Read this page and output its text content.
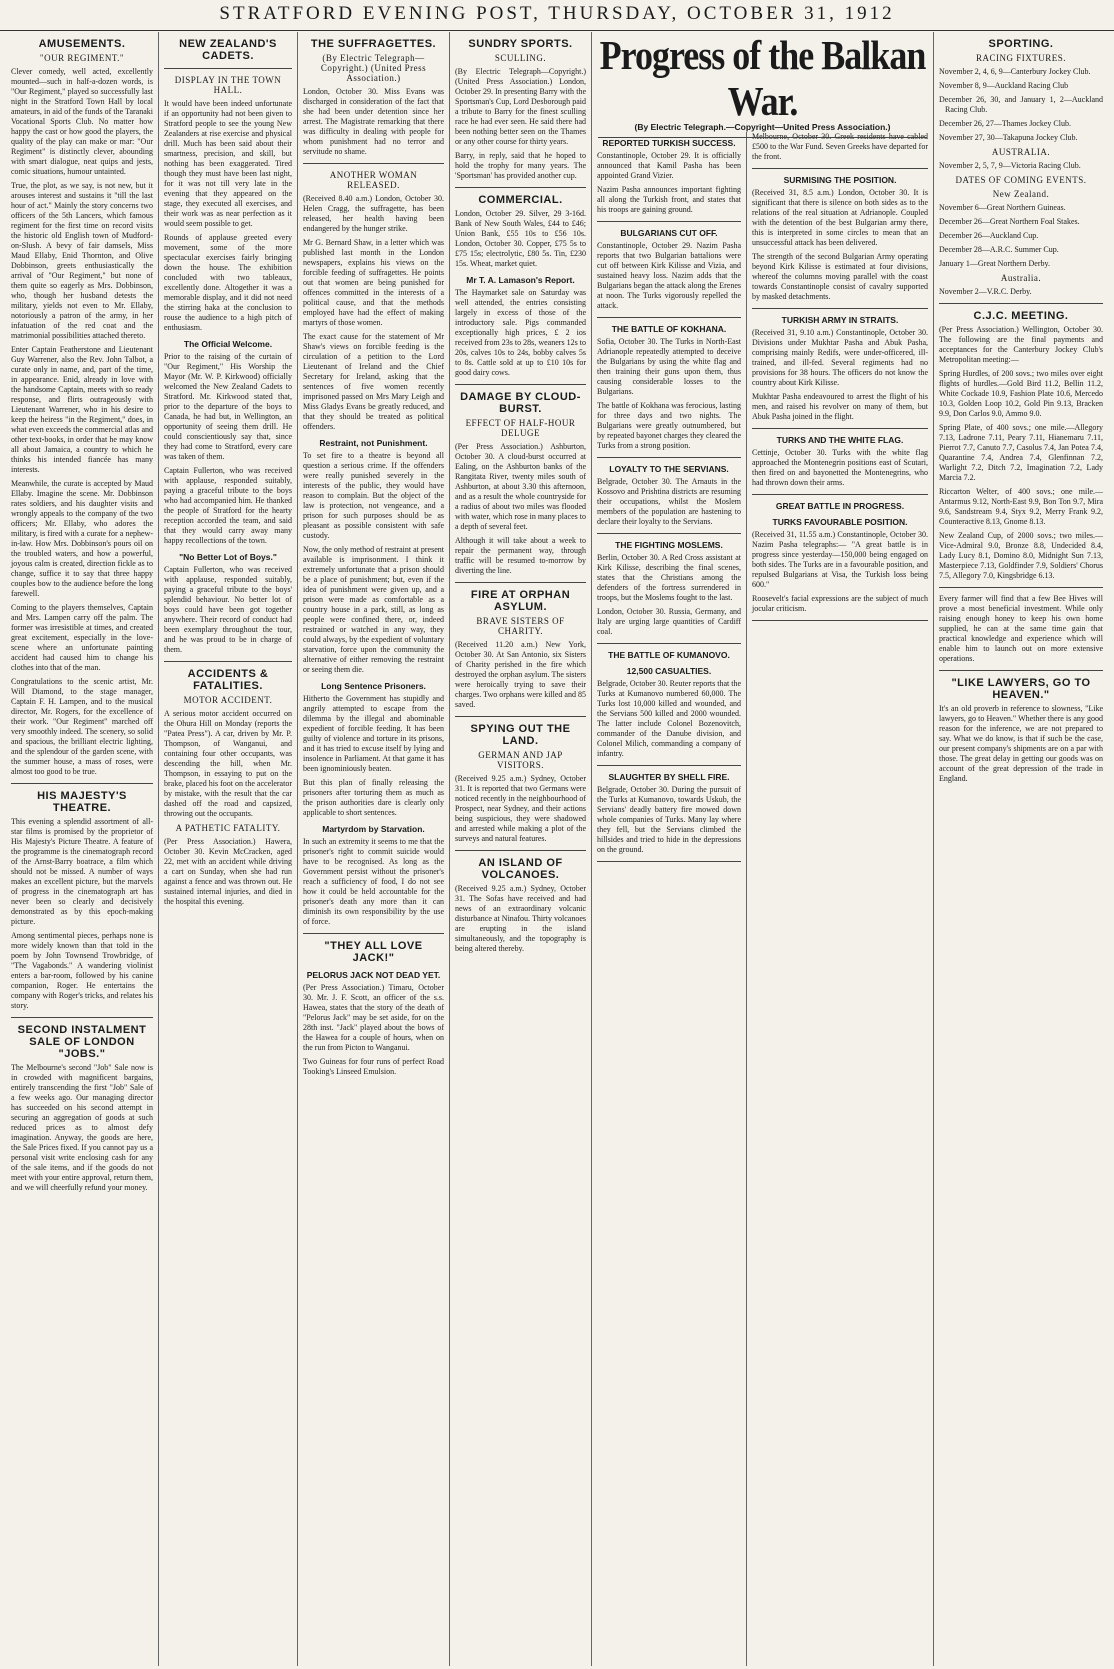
STRATFORD EVENING POST, THURSDAY, OCTOBER 31, 1912
AMUSEMENTS.
"OUR REGIMENT."

Clever comedy, well acted, excellently mounted—such in half-a-dozen words, is "Our Regiment," played so successfully last night in the Stratford Town Hall by local amateurs, in aid of the funds of the Taranaki Vocational Sports Club. No matter how happy the cast or how good the players, the quality of the play can make or mar: "Our Regiment" is distinctly clever, abounding with smart dialogue, neat quips and jests, comic situations, humour untainted.

True, the plot, as we say, is not new, but it arouses interest and sustains it "till the last hour of act." Mainly the story concerns two officers of the 5th Lancers, which famous regiment for the first time on record visits the historic old English town of Mudford-on-Slush. A bevy of fair damsels, Miss Maud Ellaby, Enid Thornton, and Olive Dobbinson, greets enthusiastically the arrival of "Our Regiment," but none of them quite so eagerly as Mrs. Dobbinson, who, though her husband detests the military, yields not even to Mr. Ellaby, notoriously a patron of the army, in her infatuation of the red coat and the matrimonial possibilities attached thereto.

Enter Captain Featherstone and Lieutenant Guy Warrener, also the Rev. John Talbot, a curate only in name, and, part of the time, in appearance. Enid, already in love with the handsome Captain, meets with so ready response, and flirts outrageously with Lieutenant Warrener, who in his desire to keep the heiress "in the Regiment," does, in what even exceeds the commercial atlas and other text-books, in order that he may know all about Jamaica, a country to which he thinks his intended fiancée has many interests.

Meanwhile, the curate is accepted by Maud Ellaby. Imagine the scene. Mr. Dobbinson rates soldiers, and his daughter visits and wrongly appeals to the company of the two officers; Mr. Ellaby, who adores the military, is fired with a curate for a nephew-in-law. How Mrs. Dobbinson's pours oil on the troubled waters, and how a powerful, joyous calm is created, direction fickle as to change, suffice it to say that three happy couples bow to the audience before the long farewell.

Coming to the players themselves, Captain and Mrs. Lampen carry off the palm. The former was irresistible at times, and created great excitement, especially in the love-scene where an unfortunate painting accident had caused him to change his clothes into that of the man.

Congratulations to the scenic artist, Mr. Will Diamond, to the stage manager, Captain F. H. Lampen, and to the musical director, Mr. Rogers, for the excellence of their work. "Our Regiment" marched off very smoothly indeed. The scenery, so solid and spacious, the brilliant electric lighting, and the splendour of the garden scene, with the summer house, a mass of roses, were almost too good to be true.

HIS MAJESTY'S THEATRE.

This evening a splendid assortment of all-star films is promised by the proprietor of His Majesty's Picture Theatre. A feature of the programme is the cinematograph record of the Arnst-Barry boatrace, a film which should not be missed. A number of ways makes an excellent picture, but the marvels of progress in the cinematograph art has never been so clearly and decisively demonstrated as by this epoch-making picture.

Among sentimental pieces, perhaps none is more widely known than that told in the poem by John Townsend Trowbridge, of "The Vagabonds." A wandering violinist enters a bar-room, followed by his canine companion, Roger. He entertains the company with Roger's tricks, and relates his story.

SECOND INSTALMENT SALE OF LONDON "JOBS."

The Melbourne's second "Job" Sale now is in crowded with magnificent bargains, entirely transcending the first "Job" Sale of a few weeks ago. Our managing director has succeeded on his second attempt in securing an aggregation of goods at such reduced prices as to almost defy imagination. Anyway, the goods are here, the Sale Prices fixed. If you cannot pay us a personal visit write enclosing cash for any of the sale items, and if the goods do not meet with your entire approval, return them, and we will cheerfully refund your money.

NEW ZEALAND'S CADETS.
DISPLAY IN THE TOWN HALL.

It would have been indeed unfortunate if an opportunity had not been given to Stratford people to see the young New Zealanders at rise exercise and physical drill. Much has been said about their smartness, precision, and skill, but nothing has been exaggerated. Tired though they must have been last night, for it was not till very late in the evening that they appeared on the stage, they executed all exercises, and their work was as near perfection as it would seem possible to get.

Rounds of applause greeted every movement, some of the more spectacular exercises fairly bringing down the house. The exhibition concluded with two tableaux, excellently done. Altogether it was a memorable display, and it did not need the stirring haka at the conclusion to rouse the audience to a high pitch of enthusiasm.

The Official Welcome.

Prior to the raising of the curtain of "Our Regiment," His Worship the Mayor (Mr. W. P. Kirkwood) officially welcomed the New Zealand Cadets to Stratford. Mr. Kirkwood stated that, prior to the departure of the boys to Canada, he had but, in Wellington, an opportunity of seeing them drill. He could conscientiously say that, since they had come to Stratford, every care was taken of them.

Captain Fullerton, who was received with applause, responded suitably, paying a graceful tribute to the boys who had accompanied him. He thanked the people of Stratford for the hearty reception accorded the team, and said that they would carry away many happy recollections of the town.

"No Better Lot of Boys."

Captain Fullerton, who was received with applause, responded suitably, paying a graceful tribute to the boys' splendid behaviour. No better lot of boys could have been got together anywhere. Their record of conduct had been exemplary throughout the tour, and he was proud to be in charge of them.

ACCIDENTS & FATALITIES.
MOTOR ACCIDENT.

A serious motor accident occurred on the Ohura Hill on Monday (reports the "Patea Press"). A car, driven by Mr. P. Thompson, of Wanganui, and containing four other occupants, was descending the hill, when Mr. Thompson, in essaying to put on the brake, placed his foot on the accelerator by mistake, with the result that the car dashed off the road and capsized, throwing out the occupants.

A PATHETIC FATALITY.

(Per Press Association.) Hawera, October 30. Kevin McCracken, aged 22, met with an accident while driving a cart on Sunday, when she had run against a fence and was thrown out. He sustained internal injuries, and died in the hospital this evening.

THE SUFFRAGETTES.
(By Electric Telegraph—Copyright.) (United Press Association.)

London, October 30. Miss Evans was discharged in consideration of the fact that she had been under detention since her arrest. The Magistrate remarking that there was difficulty in dealing with people for whom punishment had no terror and servitude no shame.

ANOTHER WOMAN RELEASED.

(Received 8.40 a.m.) London, October 30. Helen Cragg, the suffragette, has been released, her health having been endangered by the hunger strike.

Mr G. Bernard Shaw, in a letter which was published last month in the London newspapers, explains his views on the forcible feeding of suffragettes. He points out that women are being punished for offences committed in the interests of a political cause, and that the methods employed have had the effect of making martyrs of those women.

The exact cause for the statement of Mr Shaw's views on forcible feeding is the circulation of a petition to the Lord Lieutenant of Ireland and the Chief Secretary for Ireland, asking that the sentences of five women recently imprisoned passed on Mrs Mary Leigh and Miss Gladys Evans be greatly reduced, and that they should be treated as political offenders.

Restraint, not Punishment.

To set fire to a theatre is beyond all question a serious crime. If the offenders were really punished severely in the interests of the public, they would have reason to complain. But the object of the law is protection, not vengeance, and a prison for such purposes should be as pleasant as possible consistent with safe custody.

Now, the only method of restraint at present available is imprisonment. I think it extremely unfortunate that a prison should be a place of punishment; but, even if the idea of punishment were given up, and a prison were made as comfortable as a country house in a park, still, as long as people were confined there, or, indeed restrained or watched in any way, they could always, by the expedient of voluntary starvation, force upon the community the alternative of either removing the restraint or seeing them die.

Long Sentence Prisoners.

Hitherto the Government has stupidly and angrily attempted to escape from the dilemma by the illegal and abominable expedient of forcible feeding. It has been guilty of violence and torture in its prisons, and it has tried to excuse itself by lying and insolence in Parliament. At that game it has been ignominiously beaten.

But this plan of finally releasing the prisoners after torturing them as much as the prison authorities dare is clearly only applicable to short sentences.

Martyrdom by Starvation.

In such an extremity it seems to me that the prisoner's right to commit suicide would have to be recognised. As long as the Government persist without the prisoner's reach a sufficiency of food, I do not see how it could be held accountable for the prisoner's death any more than it can diminish its own responsibility by the use of force.

"THEY ALL LOVE JACK!"
PELORUS JACK NOT DEAD YET.

(Per Press Association.) Timaru, October 30. Mr. J. F. Scott, an officer of the s.s. Hawea, states that the story of the death of "Pelorus Jack" may be set aside, for on the 28th inst. "Jack" played about the bows of the Hawea for a couple of hours, when on the run from Picton to Wanganui.

Two Guineas for four runs of perfect Road Tooking's Linseed Emulsion.

SUNDRY SPORTS.
SCULLING.

(By Electric Telegraph—Copyright.) (United Press Association.) London, October 29. In presenting Barry with the Sportsman's Cup, Lord Desborough paid a tribute to Barry for the finest sculling race he had ever seen. He said there had been nothing better seen on the Thames or any other course for thirty years.

Barry, in reply, said that he hoped to hold the trophy for many years. The 'Sportsman' has provided another cup.

COMMERCIAL.

London, October 29. Silver, 29 3-16d. Bank of New South Wales, £44 to £46; Union Bank, £55 10s to £56 10s. London, October 30. Copper, £75 5s to £75 15s; electrolytic, £80 5s. Tin, £230 15s. Wheat, market quiet.

Mr T. A. Lamason's Report.

The Haymarket sale on Saturday was well attended, the entries consisting largely in excess of those of the introductory sale. Pigs commanded exceptionally high prices, £ 2 ios received from 23s to 28s, weaners 12s to 20s, calves 10s to 24s, bobby calves 5s to 8s. Cattle sold at up to £10 10s for good dairy cows.

DAMAGE BY CLOUD-BURST.
EFFECT OF HALF-HOUR DELUGE

(Per Press Association.) Ashburton, October 30. A cloud-burst occurred at Ealing, on the Ashburton banks of the Rangitata River, twenty miles south of Ashburton, at about 3.30 this afternoon, and as a result the whole countryside for a radius of about two miles was flooded with water, which rose in many places to a depth of several feet.

Although it will take about a week to repair the permanent way, through traffic will be resumed to-morrow by diverting the line.

FIRE AT ORPHAN ASYLUM.
BRAVE SISTERS OF CHARITY.

(Received 11.20 a.m.) New York, October 30. At San Antonio, six Sisters of Charity perished in the fire which destroyed the orphan asylum. The sisters were heroically trying to save their charges. Two orphans were killed and 85 saved.

SPYING OUT THE LAND.
GERMAN AND JAP VISITORS.

(Received 9.25 a.m.) Sydney, October 31. It is reported that two Germans were noticed recently in the neighbourhood of Prospect, near Sydney, and their actions being suspicious, they were shadowed and arrested while making a plot of the surveys and natural features.

AN ISLAND OF VOLCANOES.

(Received 9.25 a.m.) Sydney, October 31. The Sofas have received and had news of an extraordinary volcanic disturbance at Ninafou. Thirty volcanoes are erupting in the island simultaneously, and the topography is being altered thereby.

REPORTED TURKISH SUCCESS.

Constantinople, October 29. It is officially announced that Kamil Pasha has been appointed Grand Vizier.

Nazim Pasha announces important fighting all along the Turkish front, and states that his troops are gaining ground.

BULGARIANS CUT OFF.

Constantinople, October 29. Nazim Pasha reports that two Bulgarian battalions were cut off between Kirk Kilisse and Vizia, and sustained heavy loss. Nazim adds that the Bulgarians began the attack along the Erenes at noon. The Turks vigorously repelled the attack.

THE BATTLE OF KOKHANA.

Sofia, October 30. The Turks in North-East Adrianople repeatedly attempted to deceive the Bulgarians by using the white flag and then training their guns upon them, thus causing considerable losses to the Bulgarians.

The battle of Kokhana was ferocious, lasting for three days and two nights. The Bulgarians were greatly outnumbered, but by repeated bayonet charges they cleared the Turks from a strong position.

LOYALTY TO THE SERVIANS.

Belgrade, October 30. The Arnauts in the Kossovo and Prishtina districts are resuming their occupations, whilst the Moslem members of the population are hastening to declare their loyalty to the Servians.

THE FIGHTING MOSLEMS.

Berlin, October 30. A Red Cross assistant at Kirk Kilisse, describing the final scenes, states that the Christians among the defenders of the fortress surrendered in troops, but the Moslems fought to the last.

London, October 30. Russia, Germany, and Italy are urging large quantities of Cardiff coal.

THE BATTLE OF KUMANOVO.
12,500 CASUALTIES.

Belgrade, October 30. Reuter reports that the Turks at Kumanovo numbered 60,000. The Turks lost 10,000 killed and wounded, and the Servians 500 killed and 2000 wounded. The latter include Colonel Bozenovitch, commander of the Danube division, and Colonel Milich, commanding a company of infantry.

SLAUGHTER BY SHELL FIRE.

Belgrade, October 30. During the pursuit of the Turks at Kumanovo, towards Uskub, the Servians' deadly battery fire mowed down whole companies of Turks. Many lay where they fell, but the Servians climbed the hillsides and tried to hide in the depressions on the ground.

Melbourne, October 30. Greek residents have cabled £500 to the War Fund. Seven Greeks have departed for the front.

SURMISING THE POSITION.

(Received 31, 8.5 a.m.) London, October 30. It is significant that there is silence on both sides as to the relations of the real situation at Adrianople. Coupled with the detention of the best Bulgarian army there, this is interpreted in some circles to mean that an unsuccessful attack has been delivered.

The strength of the second Bulgarian Army operating beyond Kirk Kilisse is estimated at four divisions, whereof the columns moving parallel with the coast towards Constantinople consist of cavalry supported by masked detachments.

TURKISH ARMY IN STRAITS.

(Received 31, 9.10 a.m.) Constantinople, October 30. Divisions under Mukhtar Pasha and Abuk Pasha, comprising mainly Redifs, were under-officered, ill-trained, and ill-fed. Several regiments had no provisions for 38 hours. The officers do not know the country about Kirk Kilisse.

Mukhtar Pasha endeavoured to arrest the flight of his men, and raised his revolver on many of them, but Abuk Pasha joined in the flight.

TURKS AND THE WHITE FLAG.

Cettinje, October 30. Turks with the white flag approached the Montenegrin positions east of Scutari, then fired on and bayonetted the Montenegrins, who had thrown down their arms.

GREAT BATTLE IN PROGRESS.
TURKS FAVOURABLE POSITION.

(Received 31, 11.55 a.m.) Constantinople, October 30. Nazim Pasha telegraphs:— "A great battle is in progress since yesterday—150,000 being engaged on both sides. The Turks are in a favourable position, and repulsed Bulgarians at Visa, the Turkish loss being 600."

Roosevelt's facial expressions are the subject of much jocular criticism.

Progress of the Balkan War.
(By Electric Telegraph.—Copyright—United Press Association.)
SPORTING.
RACING FIXTURES.

November 2, 4, 6, 9—Canterbury Jockey Club.

November 8, 9—Auckland Racing Club

December 26, 30, and January 1, 2—Auckland Racing Club.

December 26, 27—Thames Jockey Club.

November 27, 30—Takapuna Jockey Club.

AUSTRALIA.

November 2, 5, 7, 9—Victoria Racing Club.

DATES OF COMING EVENTS.
New Zealand.

November 6—Great Northern Guineas.

December 26—Great Northern Foal Stakes.

December 26—Auckland Cup.

December 28—A.R.C. Summer Cup.

January 1—Great Northern Derby.

Australia.

November 2—V.R.C. Derby.

C.J.C. MEETING.

(Per Press Association.) Wellington, October 30. The following are the final payments and acceptances for the Canterbury Jockey Club's Metropolitan meeting:—

Spring Hurdles, of 200 sovs.; two miles over eight flights of hurdles.—Gold Bird 11.2, Bellin 11.2, White Cockade 10.9, Fashion Plate 10.6, Mercedo 10.3, Golden Loop 10.2, Gold Pin 9.13, Bracken 9.9, Don Carlos 9.0, Ammo 9.0.

Spring Plate, of 400 sovs.; one mile.—Allegory 7.13, Ladrone 7.11, Peary 7.11, Hianemaru 7.11, Pierrot 7.7, Canuto 7.7, Casolus 7.4, Jan Potea 7.4, Quarantine 7.4, Andrea 7.4, Glenfinnan 7.2, Warlight 7.2, Ditch 7.2, Imagination 7.2, Lady Marcia 7.2.

Riccarton Welter, of 400 sovs.; one mile.—Antarmus 9.12, North-East 9.9, Bon Ton 9.7, Mira 9.6, Sandstream 9.4, Styx 9.2, Merry Frank 9.2, Counteractive 8.13, Gnome 8.13.

New Zealand Cup, of 2000 sovs.; two miles.—Vice-Admiral 9.0, Bronze 8.8, Undecided 8.4, Lady Lucy 8.1, Domino 8.0, Midnight Sun 7.13, Masterpiece 7.13, Goldfinder 7.9, Soldiers' Chorus 7.5, Allegory 7.0, Kingsbridge 6.13.

Every farmer will find that a few Bee Hives will prove a most beneficial investment. While only raising enough honey to keep his own home supplied, he can at the same time gain that practical knowledge and experience which will enable him to launch out on more extensive operations.

"LIKE LAWYERS, GO TO HEAVEN."

It's an old proverb in reference to slowness, "Like lawyers, go to Heaven." Whether there is any good reason for the inference, we are not prepared to say. What we do know, is that if such be the case, our present company's shipments are on a par with those. The great delay in getting our goods was on account of the great depression of the trade in England.
